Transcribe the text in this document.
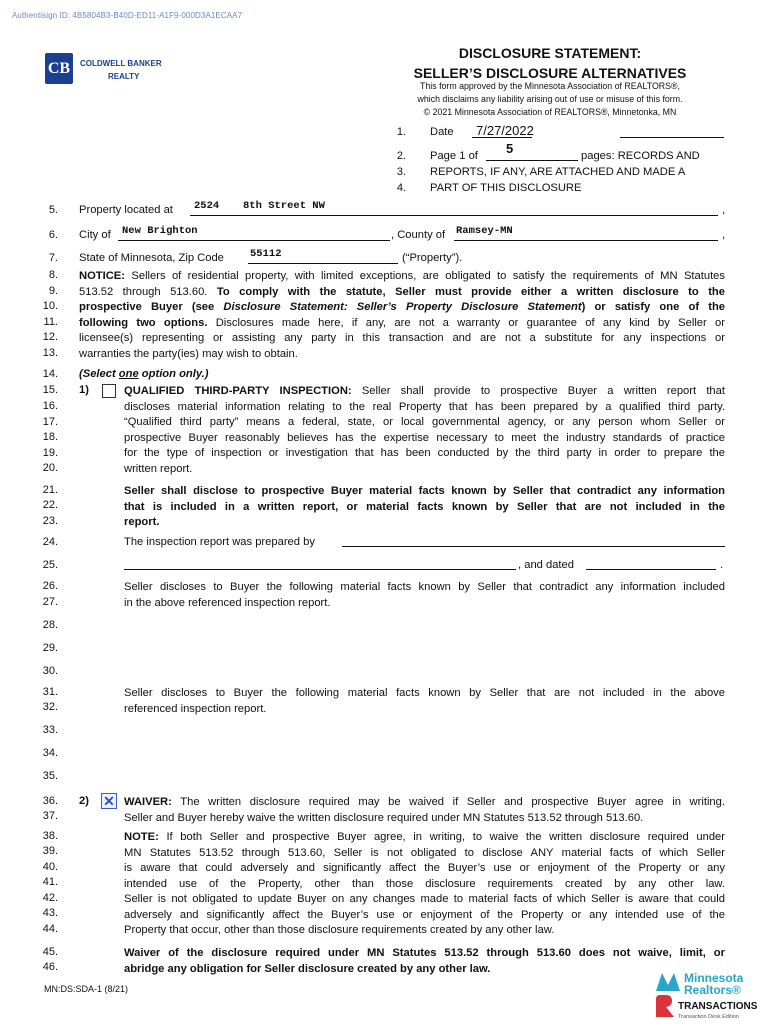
Authentisign ID: 4B5804B3-B40D-ED11-A1F9-000D3A1ECAA7
CB COLDWELL BANKER
REALTY
DISCLOSURE STATEMENT:
SELLER’S DISCLOSURE ALTERNATIVES
This form approved by the Minnesota Association of REALTORS®,
which disclaims any liability arising out of use or misuse of this form.
© 2021 Minnesota Association of REALTORS®, Minnetonka, MN
1.
2.
3.
4.
5.
6.
7.
8.
9.
10.
11.
12.
13.
14.
15.
16.
17.
18.
19.
20.
21.
22.
23.
24.
25.
26.
27.
28.
29.
30.
31.
32.
33.
34.
35.
36.
37.
38.
39.
40.
41.
42.
43.
44.
45.
46.
Date 7/27/2022
Page 1 of 5	pages: RECORDS AND
REPORTS, IF ANY, ARE ATTACHED AND MADE A
PART OF THIS DISCLOSURE
Property located at 2524 8th Street NW	,
City of New Brighton	, County of Ramsey-MN	,
State of Minnesota, Zip Code 55112	(“Property”).
NOTICE: Sellers of residential property, with limited exceptions, are obligated to satisfy the requirements of MN Statutes
513.52 through 513.60. To comply with the statute, Seller must provide either a written disclosure to the
prospective Buyer (see Disclosure Statement: Seller’s Property Disclosure Statement) or satisfy one of the
following two options. Disclosures made here, if any, are not a warranty or guarantee of any kind by Seller or
licensee(s) representing or assisting any party in this transaction and are not a substitute for any inspections or
warranties the party(ies) may wish to obtain.
(Select one option only.)
1)	QUALIFIED THIRD-PARTY INSPECTION: Seller shall provide to prospective Buyer a written report that
discloses material information relating to the real Property that has been prepared by a qualified third party.
“Qualified third party” means a federal, state, or local governmental agency, or any person whom Seller or
prospective Buyer reasonably believes has the expertise necessary to meet the industry standards of practice
for the type of inspection or investigation that has been conducted by the third party in order to prepare the
written report.
Seller shall disclose to prospective Buyer material facts known by Seller that contradict any information
that is included in a written report, or material facts known by Seller that are not included in the
report.
The inspection report was prepared by
, and dated	.
Seller discloses to Buyer the following material facts known by Seller that contradict any information included
in the above referenced inspection report.
Seller discloses to Buyer the following material facts known by Seller that are not included in the above
referenced inspection report.
2) ✕ WAIVER: The written disclosure required may be waived if Seller and prospective Buyer agree in writing.
Seller and Buyer hereby waive the written disclosure required under MN Statutes 513.52 through 513.60.
NOTE: If both Seller and prospective Buyer agree, in writing, to waive the written disclosure required under
MN Statutes 513.52 through 513.60, Seller is not obligated to disclose ANY material facts of which Seller
is aware that could adversely and significantly affect the Buyer’s use or enjoyment of the Property or any
intended use of the Property, other than those disclosure requirements created by any other law.
Seller is not obligated to update Buyer on any changes made to material facts of which Seller is aware that could
adversely and significantly affect the Buyer’s use or enjoyment of the Property or any intended use of the
Property that occur, other than those disclosure requirements created by any other law.
Waiver of the disclosure required under MN Statutes 513.52 through 513.60 does not waive, limit, or
abridge any obligation for Seller disclosure created by any other law.
MN:DS:SDA-1 (8/21)
Minnesota
Realtors®
TRANSACTIONS
Transaction Desk Edition
